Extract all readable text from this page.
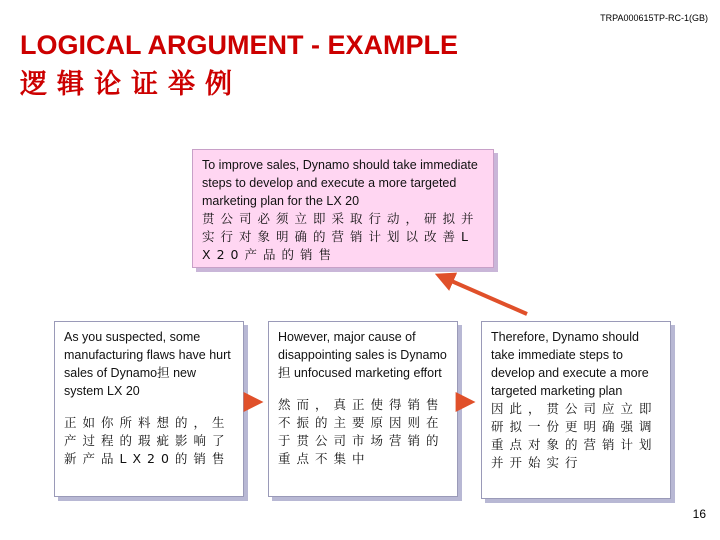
TRPA000615TP-RC-1(GB)
LOGICAL ARGUMENT - EXAMPLE
逻辑论证举例
To improve sales, Dynamo should take immediate steps to develop and execute a more targeted marketing plan for the LX 20
贯公司必须立即采取行动，研拟并实行对象明确的营销计划以改善LX20产品的销售
As you suspected, some manufacturing flaws have hurt sales of Dynamo担 new system LX 20
正如你所料想的，生产过程的瑕疵影响了新产品LX20的销售
However, major cause of disappointing sales is Dynamo担 unfocused marketing effort
然而，真正使得销售不振的主要原因则在于贯公司市场营销的重点不集中
Therefore, Dynamo should take immediate steps to develop and execute a more targeted marketing plan
因此，贯公司应立即研拟一份更明确强调重点对象的营销计划并开始实行
16
